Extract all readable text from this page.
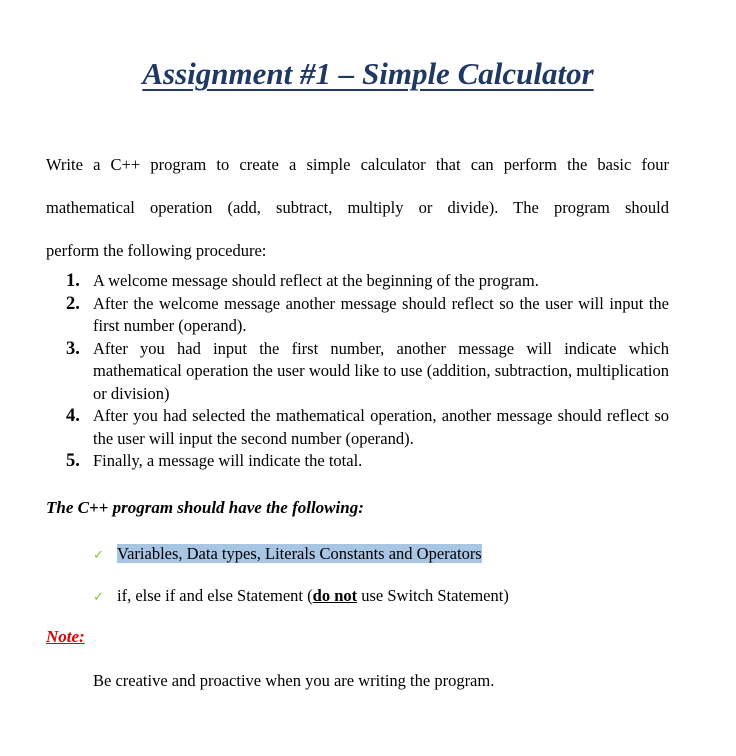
Assignment #1 – Simple Calculator
Write a C++ program to create a simple calculator that can perform the basic four
mathematical operation (add, subtract, multiply or divide). The program should
perform the following procedure:
1. A welcome message should reflect at the beginning of the program.
2. After the welcome message another message should reflect so the user will input the first number (operand).
3. After you had input the first number, another message will indicate which mathematical operation the user would like to use (addition, subtraction, multiplication or division)
4. After you had selected the mathematical operation, another message should reflect so the user will input the second number (operand).
5. Finally, a message will indicate the total.
The C++ program should have the following:
✓ Variables, Data types, Literals Constants and Operators
✓ if, else if and else Statement (do not use Switch Statement)
Note:
Be creative and proactive when you are writing the program.
